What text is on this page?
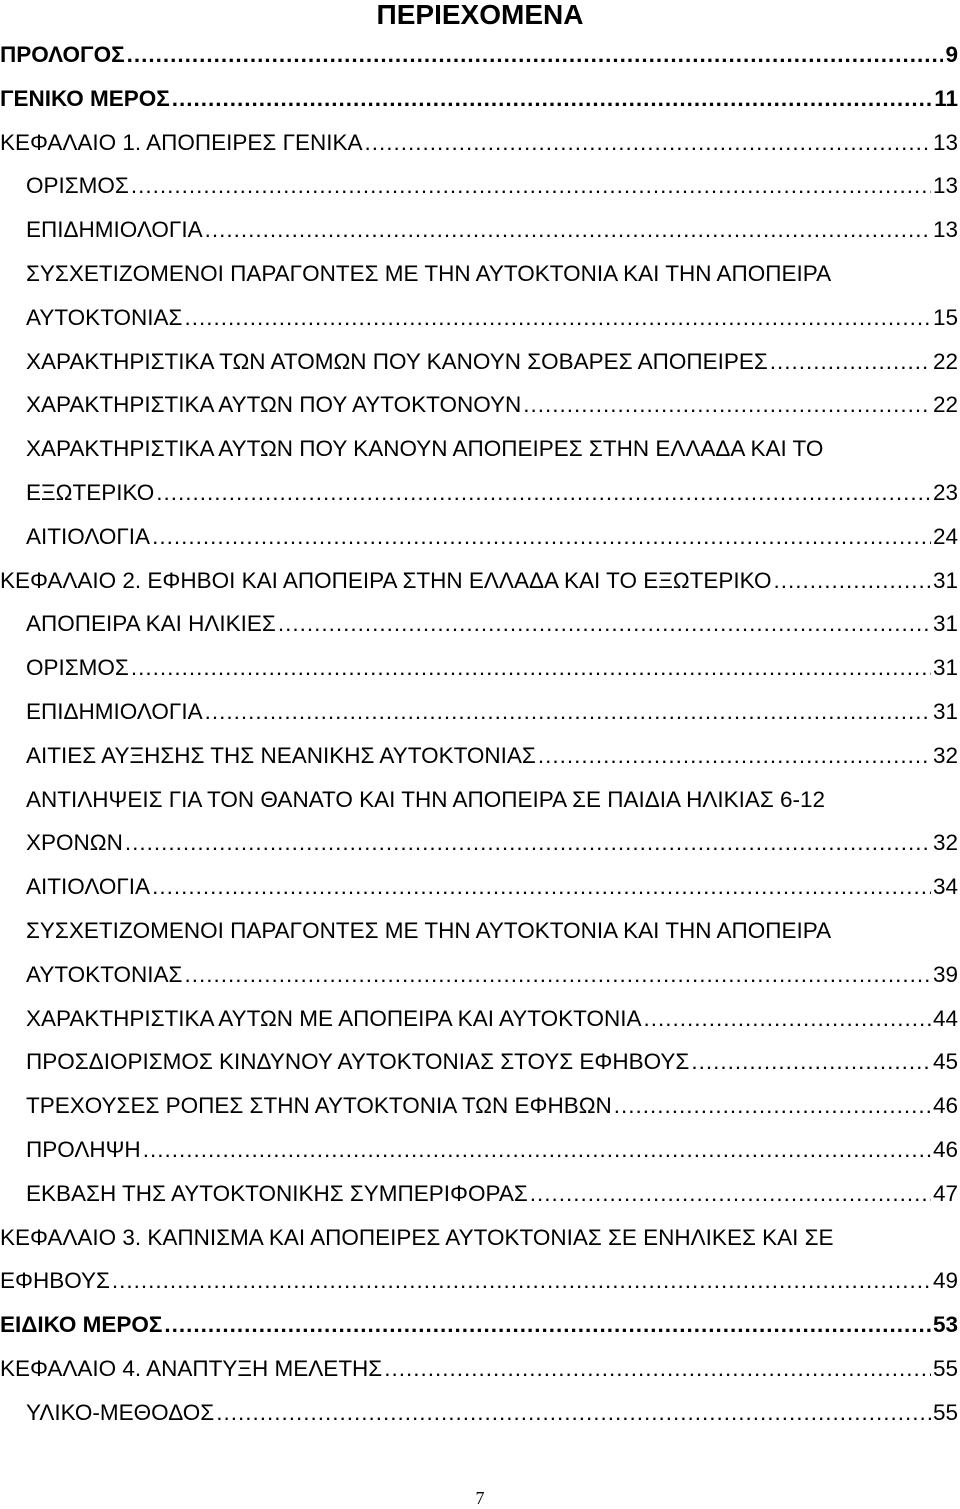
ΠΕΡΙΕΧΟΜΕΝΑ
ΠΡΟΛΟΓΟΣ .....	9
ΓΕΝΙΚΟ ΜΕΡΟΣ .....	11
ΚΕΦΑΛΑΙΟ 1. ΑΠΟΠΕΙΡΕΣ ΓΕΝΙΚΑ .....	13
ΟΡΙΣΜΟΣ .....	13
ΕΠΙΔΗΜΙΟΛΟΓΙΑ .....	13
ΣΥΣΧΕΤΙΖΟΜΕΝΟΙ ΠΑΡΑΓΟΝΤΕΣ ΜΕ ΤΗΝ ΑΥΤΟΚΤΟΝΙΑ ΚΑΙ ΤΗΝ ΑΠΟΠΕΙΡΑ
ΑΥΤΟΚΤΟΝΙΑΣ .....	15
ΧΑΡΑΚΤΗΡΙΣΤΙΚΑ ΤΩΝ ΑΤΟΜΩΝ ΠΟΥ ΚΑΝΟΥΝ ΣΟΒΑΡΕΣ ΑΠΟΠΕΙΡΕΣ .....	22
ΧΑΡΑΚΤΗΡΙΣΤΙΚΑ ΑΥΤΩΝ ΠΟΥ ΑΥΤΟΚΤΟΝΟΥΝ .....	22
ΧΑΡΑΚΤΗΡΙΣΤΙΚΑ ΑΥΤΩΝ ΠΟΥ ΚΑΝΟΥΝ ΑΠΟΠΕΙΡΕΣ ΣΤΗΝ ΕΛΛΑΔΑ ΚΑΙ ΤΟ
ΕΞΩΤΕΡΙΚΟ .....	23
ΑΙΤΙΟΛΟΓΙΑ .....	24
ΚΕΦΑΛΑΙΟ 2. ΕΦΗΒΟΙ ΚΑΙ ΑΠΟΠΕΙΡΑ ΣΤΗΝ ΕΛΛΑΔΑ ΚΑΙ ΤΟ ΕΞΩΤΕΡΙΚΟ .....	31
ΑΠΟΠΕΙΡΑ ΚΑΙ ΗΛΙΚΙΕΣ .....	31
ΟΡΙΣΜΟΣ .....	31
ΕΠΙΔΗΜΙΟΛΟΓΙΑ .....	31
ΑΙΤΙΕΣ ΑΥΞΗΣΗΣ ΤΗΣ ΝΕΑΝΙΚΗΣ ΑΥΤΟΚΤΟΝΙΑΣ .....	32
ΑΝΤΙΛΗΨΕΙΣ ΓΙΑ ΤΟΝ ΘΑΝΑΤΟ ΚΑΙ ΤΗΝ ΑΠΟΠΕΙΡΑ ΣΕ ΠΑΙΔΙΑ ΗΛΙΚΙΑΣ 6-12
ΧΡΟΝΩΝ .....	32
ΑΙΤΙΟΛΟΓΙΑ .....	34
ΣΥΣΧΕΤΙΖΟΜΕΝΟΙ ΠΑΡΑΓΟΝΤΕΣ ΜΕ ΤΗΝ ΑΥΤΟΚΤΟΝΙΑ ΚΑΙ ΤΗΝ ΑΠΟΠΕΙΡΑ
ΑΥΤΟΚΤΟΝΙΑΣ .....	39
ΧΑΡΑΚΤΗΡΙΣΤΙΚΑ ΑΥΤΩΝ ΜΕ ΑΠΟΠΕΙΡΑ ΚΑΙ ΑΥΤΟΚΤΟΝΙΑ .....	44
ΠΡΟΣΔΙΟΡΙΣΜΟΣ ΚΙΝΔΥΝΟΥ ΑΥΤΟΚΤΟΝΙΑΣ ΣΤΟΥΣ ΕΦΗΒΟΥΣ .....	45
ΤΡΕΧΟΥΣΕΣ ΡΟΠΕΣ ΣΤΗΝ ΑΥΤΟΚΤΟΝΙΑ ΤΩΝ ΕΦΗΒΩΝ .....	46
ΠΡΟΛΗΨΗ .....	46
ΕΚΒΑΣΗ ΤΗΣ ΑΥΤΟΚΤΟΝΙΚΗΣ ΣΥΜΠΕΡΙΦΟΡΑΣ .....	47
ΚΕΦΑΛΑΙΟ 3. ΚΑΠΝΙΣΜΑ ΚΑΙ ΑΠΟΠΕΙΡΕΣ ΑΥΤΟΚΤΟΝΙΑΣ ΣΕ ΕΝΗΛΙΚΕΣ ΚΑΙ ΣΕ
ΕΦΗΒΟΥΣ .....	49
ΕΙΔΙΚΟ ΜΕΡΟΣ .....	53
ΚΕΦΑΛΑΙΟ 4. ΑΝΑΠΤΥΞΗ ΜΕΛΕΤΗΣ .....	55
ΥΛΙΚΟ-ΜΕΘΟΔΟΣ .....	55
7
